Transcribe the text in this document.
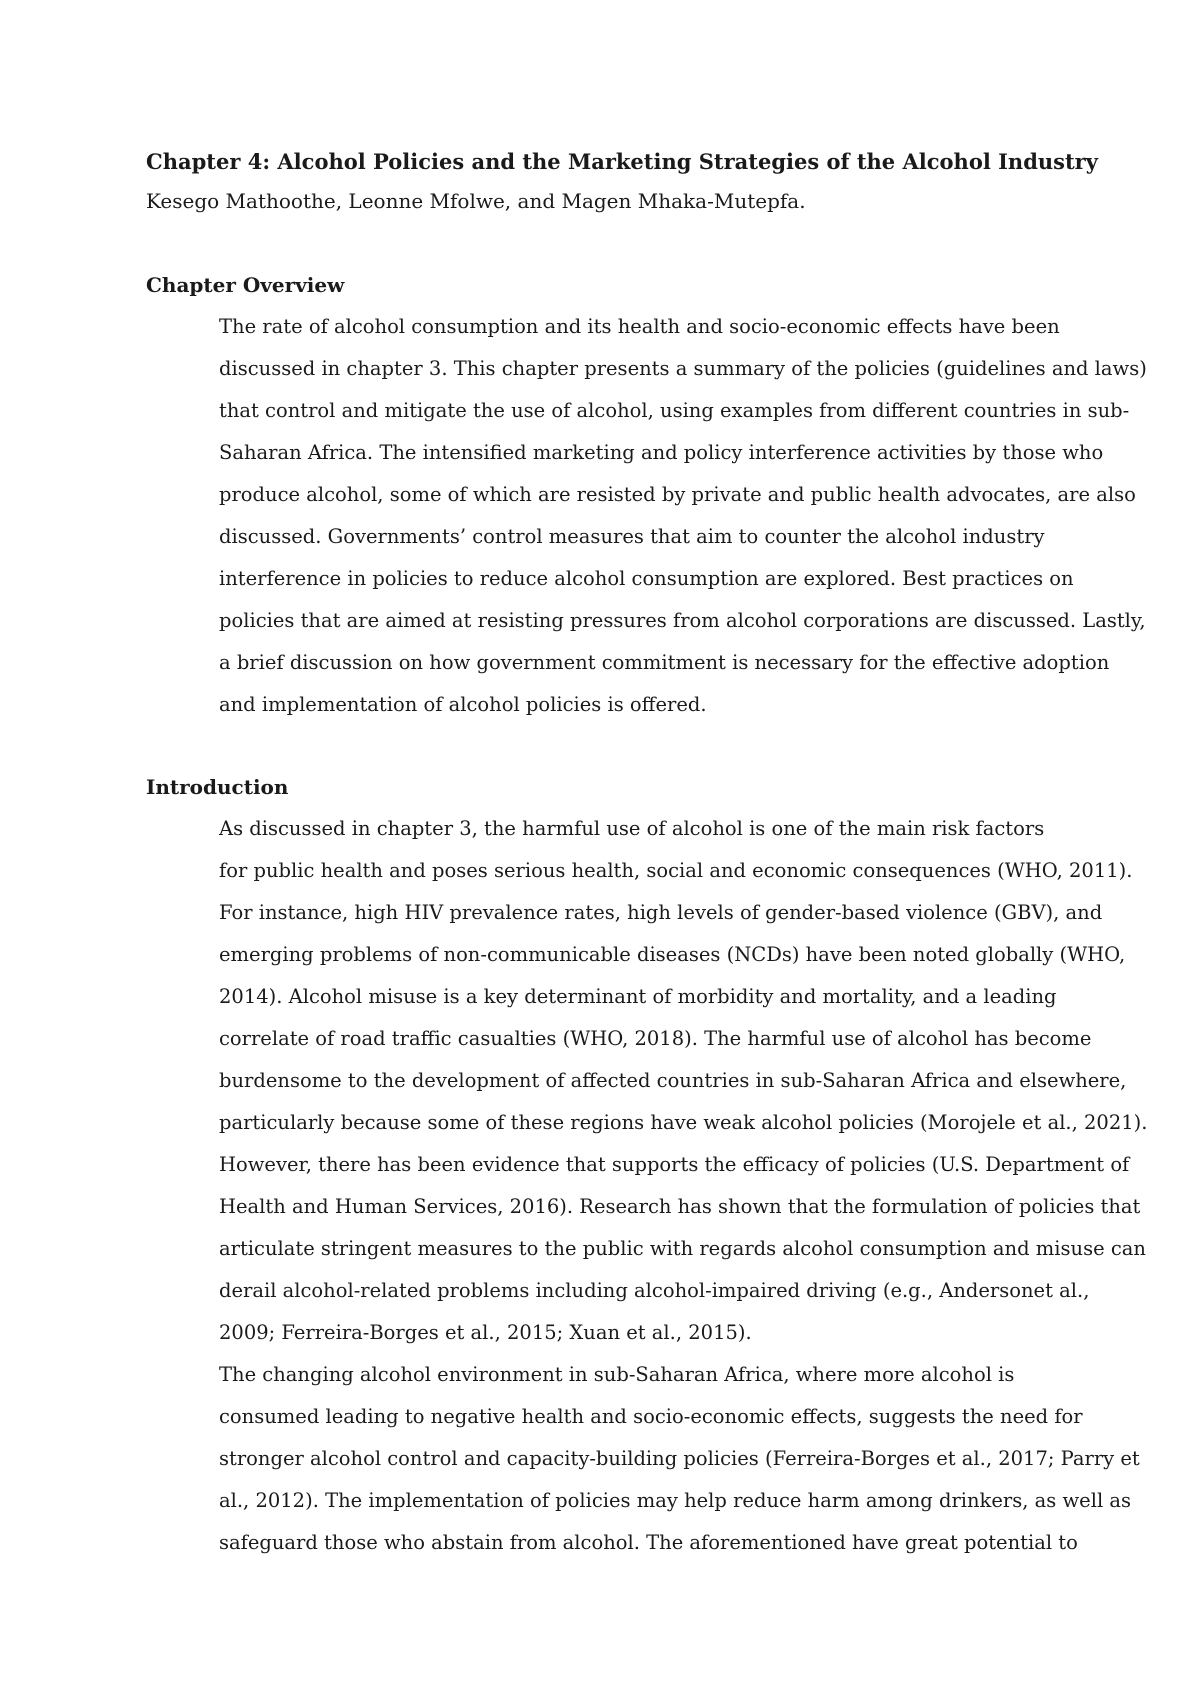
Chapter 4: Alcohol Policies and the Marketing Strategies of the Alcohol Industry

Kesego Mathoothe, Leonne Mfolwe, and Magen Mhaka-Mutepfa.

Chapter Overview

The rate of alcohol consumption and its health and socio-economic effects have been
discussed in chapter 3. This chapter presents a summary of the policies (guidelines and laws)
that control and mitigate the use of alcohol, using examples from different countries in sub-
Saharan Africa. The intensified marketing and policy interference activities by those who
produce alcohol, some of which are resisted by private and public health advocates, are also
discussed. Governments’ control measures that aim to counter the alcohol industry
interference in policies to reduce alcohol consumption are explored. Best practices on
policies that are aimed at resisting pressures from alcohol corporations are discussed. Lastly,
a brief discussion on how government commitment is necessary for the effective adoption
and implementation of alcohol policies is offered.

Introduction

As discussed in chapter 3, the harmful use of alcohol is one of the main risk factors
for public health and poses serious health, social and economic consequences (WHO, 2011).
For instance, high HIV prevalence rates, high levels of gender-based violence (GBV), and
emerging problems of non-communicable diseases (NCDs) have been noted globally (WHO,
2014). Alcohol misuse is a key determinant of morbidity and mortality, and a leading
correlate of road traffic casualties (WHO, 2018). The harmful use of alcohol has become
burdensome to the development of affected countries in sub-Saharan Africa and elsewhere,
particularly because some of these regions have weak alcohol policies (Morojele et al., 2021).
However, there has been evidence that supports the efficacy of policies (U.S. Department of
Health and Human Services, 2016). Research has shown that the formulation of policies that
articulate stringent measures to the public with regards alcohol consumption and misuse can
derail alcohol-related problems including alcohol-impaired driving (e.g., Andersonet al.,
2009; Ferreira-Borges et al., 2015; Xuan et al., 2015).

The changing alcohol environment in sub-Saharan Africa, where more alcohol is
consumed leading to negative health and socio-economic effects, suggests the need for
stronger alcohol control and capacity-building policies (Ferreira-Borges et al., 2017; Parry et
al., 2012). The implementation of policies may help reduce harm among drinkers, as well as
safeguard those who abstain from alcohol. The aforementioned have great potential to
